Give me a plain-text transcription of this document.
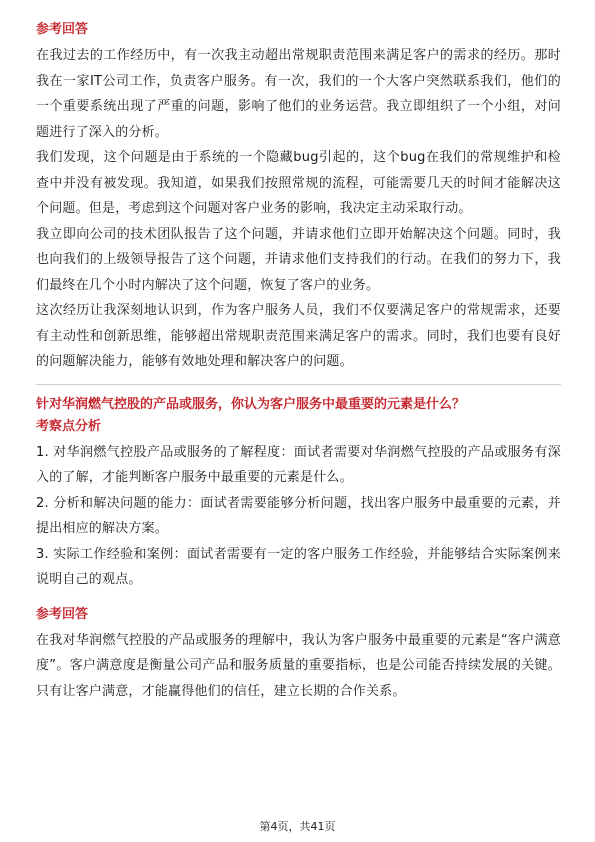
参考回答

在我过去的工作经历中，有一次我主动超出常规职责范围来满足客户的需求的经历。那时我在一家IT公司工作，负责客户服务。有一次，我们的一个大客户突然联系我们，他们的一个重要系统出现了严重的问题，影响了他们的业务运营。我立即组织了一个小组，对问题进行了深入的分析。

我们发现，这个问题是由于系统的一个隐藏bug引起的，这个bug在我们的常规维护和检查中并没有被发现。我知道，如果我们按照常规的流程，可能需要几天的时间才能解决这个问题。但是，考虑到这个问题对客户业务的影响，我决定主动采取行动。

我立即向公司的技术团队报告了这个问题，并请求他们立即开始解决这个问题。同时，我也向我们的上级领导报告了这个问题，并请求他们支持我们的行动。在我们的努力下，我们最终在几个小时内解决了这个问题，恢复了客户的业务。

这次经历让我深刻地认识到，作为客户服务人员，我们不仅要满足客户的常规需求，还要有主动性和创新思维，能够超出常规职责范围来满足客户的需求。同时，我们也要有良好的问题解决能力，能够有效地处理和解决客户的问题。

针对华润燃气控股的产品或服务，你认为客户服务中最重要的元素是什么？

考察点分析

1. 对华润燃气控股产品或服务的了解程度：面试者需要对华润燃气控股的产品或服务有深入的了解，才能判断客户服务中最重要的元素是什么。

2. 分析和解决问题的能力：面试者需要能够分析问题，找出客户服务中最重要的元素，并提出相应的解决方案。

3. 实际工作经验和案例：面试者需要有一定的客户服务工作经验，并能够结合实际案例来说明自己的观点。

参考回答

在我对华润燃气控股的产品或服务的理解中，我认为客户服务中最重要的元素是“客户满意度”。客户满意度是衡量公司产品和服务质量的重要指标，也是公司能否持续发展的关键。只有让客户满意，才能赢得他们的信任，建立长期的合作关系。

第4页，共41页
